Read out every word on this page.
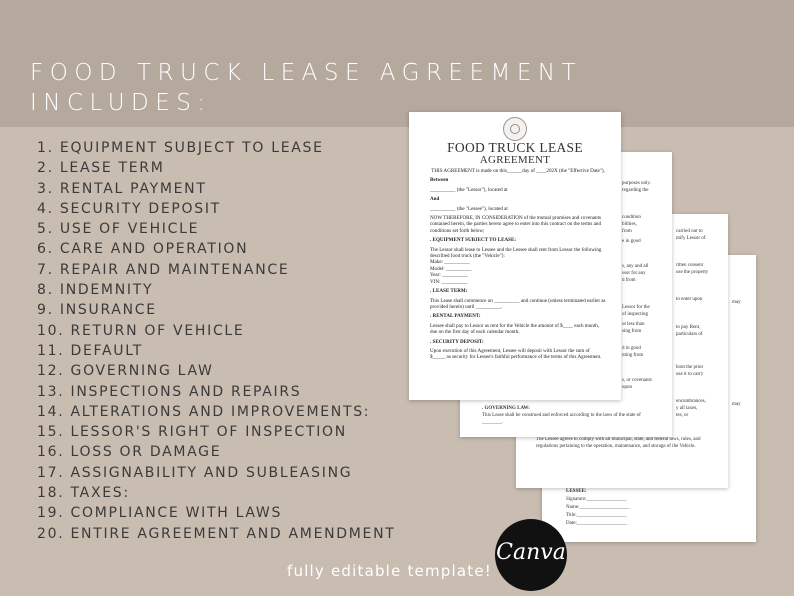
FOOD TRUCK LEASE AGREEMENT
INCLUDES:
1. EQUIPMENT SUBJECT TO LEASE
2. LEASE TERM
3. RENTAL PAYMENT
4. SECURITY DEPOSIT
5. USE OF VEHICLE
6. CARE AND OPERATION
7. REPAIR AND MAINTENANCE
8. INDEMNITY
9. INSURANCE
10. RETURN OF VEHICLE
11. DEFAULT
12. GOVERNING LAW
13. INSPECTIONS AND REPAIRS
14. ALTERATIONS AND IMPROVEMENTS:
15. LESSOR'S RIGHT OF INSPECTION
16. LOSS OR DAMAGE
17. ASSIGNABILITY AND SUBLEASING
18. TAXES:
19. COMPLIANCE WITH LAWS
20. ENTIRE AGREEMENT AND AMENDMENT
may
may
LESSEE:
Signature:________________
Name:____________________
Title:____________________
Date:____________________
carried out to
ntify Lessor of
ritten consent
use the property
to enter upon
to pay Rent,
particulars of
bout the prior
use it to carry
encumbrances,
y all taxes,
tes, or
The Lessee agrees to comply with all municipal, state, and federal laws, rules, and regulations pertaining to the operation, maintenance, and storage of the Vehicle.
purposes only.
regarding the
condition
bilities,
from
e in good
s, any and all
ssor for any
d from
Lessor for the
of inspecting
ot less than
sing from
d in good
nting from
s, or covenants
upon
. GOVERNING LAW:
This Lease shall be construed and enforced according to the laws of the state of ________.
FOOD TRUCK LEASE
AGREEMENT

THIS AGREEMENT is made on this______day of ____202X (the "Effective Date"),

Between

__________ (the "Lessor"), located at

And

__________ (the "Lessee"), located at

NOW THEREFORE, IN CONSIDERATION of the mutual promises and covenants contained herein, the parties hereto agree to enter into this contract on the terms and conditions set forth below;

. EQUIPMENT SUBJECT TO LEASE:

The Lessor shall lease to Lessee and the Lessee shall rent from Lessor the following described food truck (the "Vehicle"):

Make: __________
Model: __________
Year: __________
VIN: __________

. LEASE TERM:

This Lease shall commence on __________ and continue (unless terminated earlier as provided herein) until __________.

. RENTAL PAYMENT:

Lessee shall pay to Lessor as rent for the Vehicle the amount of $____ each month, due on the first day of each calendar month.

. SECURITY DEPOSIT:

Upon execution of this Agreement, Lessee will deposit with Lessor the sum of $_____ as security for Lessee's faithful performance of the terms of this Agreement.

Canva
fully editable template!
